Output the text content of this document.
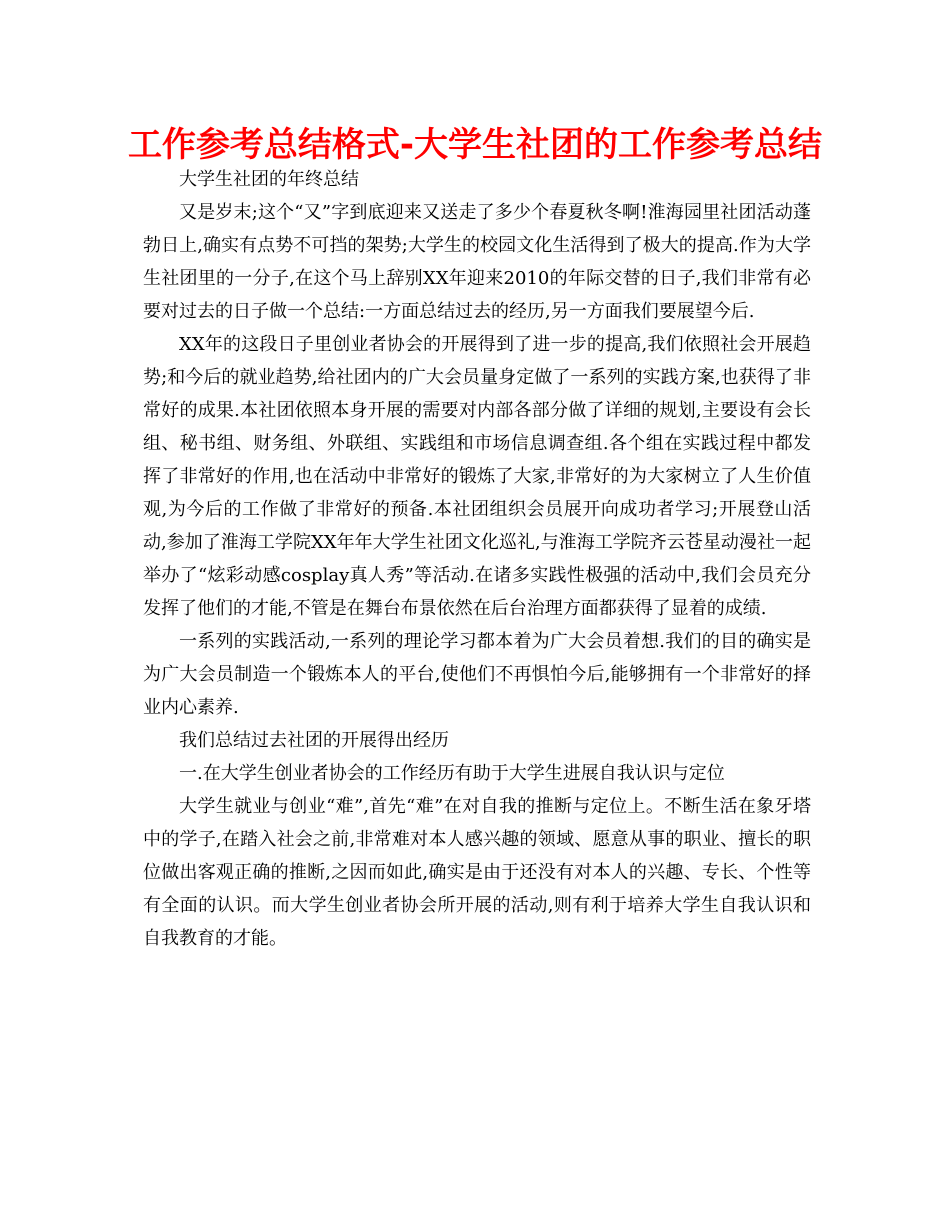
工作参考总结格式-大学生社团的工作参考总结

大学生社团的年终总结

又是岁末;这个“又”字到底迎来又送走了多少个春夏秋冬啊!淮海园里社团活动蓬勃日上,确实有点势不可挡的架势;大学生的校园文化生活得到了极大的提高.作为大学生社团里的一分子,在这个马上辞别XX年迎来2010的年际交替的日子,我们非常有必要对过去的日子做一个总结:一方面总结过去的经历,另一方面我们要展望今后.

XX年的这段日子里创业者协会的开展得到了进一步的提高,我们依照社会开展趋势;和今后的就业趋势,给社团内的广大会员量身定做了一系列的实践方案,也获得了非常好的成果.本社团依照本身开展的需要对内部各部分做了详细的规划,主要设有会长组、秘书组、财务组、外联组、实践组和市场信息调查组.各个组在实践过程中都发挥了非常好的作用,也在活动中非常好的锻炼了大家,非常好的为大家树立了人生价值观,为今后的工作做了非常好的预备.本社团组织会员展开向成功者学习;开展登山活动,参加了淮海工学院XX年年大学生社团文化巡礼,与淮海工学院齐云苍星动漫社一起举办了“炫彩动感cosplay真人秀”等活动.在诸多实践性极强的活动中,我们会员充分发挥了他们的才能,不管是在舞台布景依然在后台治理方面都获得了显着的成绩.

一系列的实践活动,一系列的理论学习都本着为广大会员着想.我们的目的确实是为广大会员制造一个锻炼本人的平台,使他们不再惧怕今后,能够拥有一个非常好的择业内心素养.

我们总结过去社团的开展得出经历

一.在大学生创业者协会的工作经历有助于大学生进展自我认识与定位

大学生就业与创业“难”,首先“难”在对自我的推断与定位上。不断生活在象牙塔中的学子,在踏入社会之前,非常难对本人感兴趣的领域、愿意从事的职业、擅长的职位做出客观正确的推断,之因而如此,确实是由于还没有对本人的兴趣、专长、个性等有全面的认识。而大学生创业者协会所开展的活动,则有利于培养大学生自我认识和自我教育的才能。
